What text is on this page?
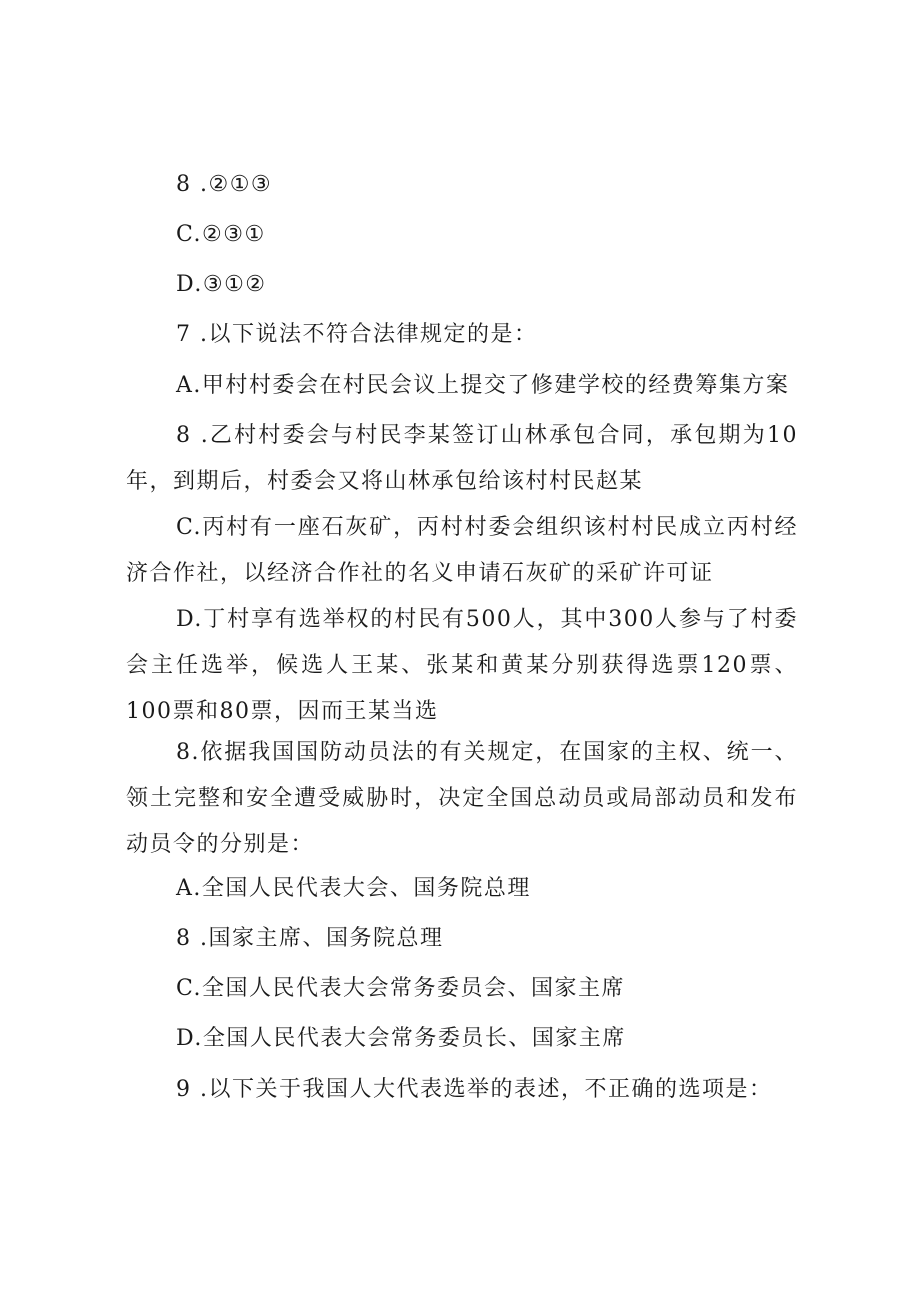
8 .②①③

C.②③①

D.③①②

7 .以下说法不符合法律规定的是：

A.甲村村委会在村民会议上提交了修建学校的经费筹集方案

8 .乙村村委会与村民李某签订山林承包合同，承包期为10年，到期后，村委会又将山林承包给该村村民赵某

C.丙村有一座石灰矿，丙村村委会组织该村村民成立丙村经济合作社，以经济合作社的名义申请石灰矿的采矿许可证

D.丁村享有选举权的村民有500人，其中300人参与了村委会主任选举，候选人王某、张某和黄某分别获得选票120票、100票和80票，因而王某当选

8.依据我国国防动员法的有关规定，在国家的主权、统一、领土完整和安全遭受威胁时，决定全国总动员或局部动员和发布动员令的分别是：

A.全国人民代表大会、国务院总理

8 .国家主席、国务院总理

C.全国人民代表大会常务委员会、国家主席

D.全国人民代表大会常务委员长、国家主席

9 .以下关于我国人大代表选举的表述，不正确的选项是：
